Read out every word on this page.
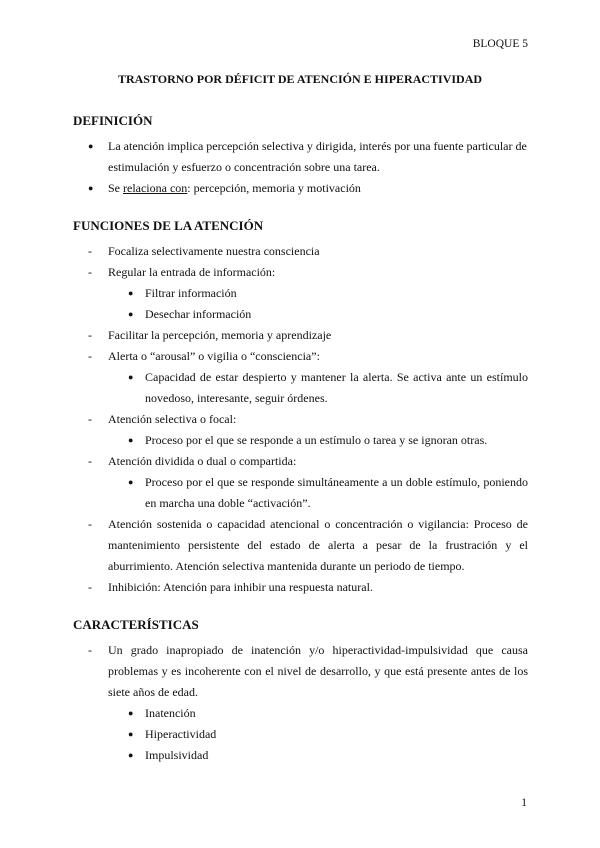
BLOQUE 5
TRASTORNO POR DÉFICIT DE ATENCIÓN E HIPERACTIVIDAD
DEFINICIÓN
● La atención implica percepción selectiva y dirigida, interés por una fuente particular de estimulación y esfuerzo o concentración sobre una tarea.
● Se relaciona con: percepción, memoria y motivación
FUNCIONES DE LA ATENCIÓN
- Focaliza selectivamente nuestra consciencia
- Regular la entrada de información:
● Filtrar información
● Desechar información
- Facilitar la percepción, memoria y aprendizaje
- Alerta o “arousal” o vigilia o “consciencia”:
● Capacidad de estar despierto y mantener la alerta. Se activa ante un estímulo novedoso, interesante, seguir órdenes.
- Atención selectiva o focal:
● Proceso por el que se responde a un estímulo o tarea y se ignoran otras.
- Atención dividida o dual o compartida:
● Proceso por el que se responde simultáneamente a un doble estímulo, poniendo en marcha una doble “activación”.
- Atención sostenida o capacidad atencional o concentración o vigilancia: Proceso de mantenimiento persistente del estado de alerta a pesar de la frustración y el aburrimiento. Atención selectiva mantenida durante un periodo de tiempo.
- Inhibición: Atención para inhibir una respuesta natural.
CARACTERÍSTICAS
- Un grado inapropiado de inatención y/o hiperactividad-impulsividad que causa problemas y es incoherente con el nivel de desarrollo, y que está presente antes de los siete años de edad.
● Inatención
● Hiperactividad
● Impulsividad
1
